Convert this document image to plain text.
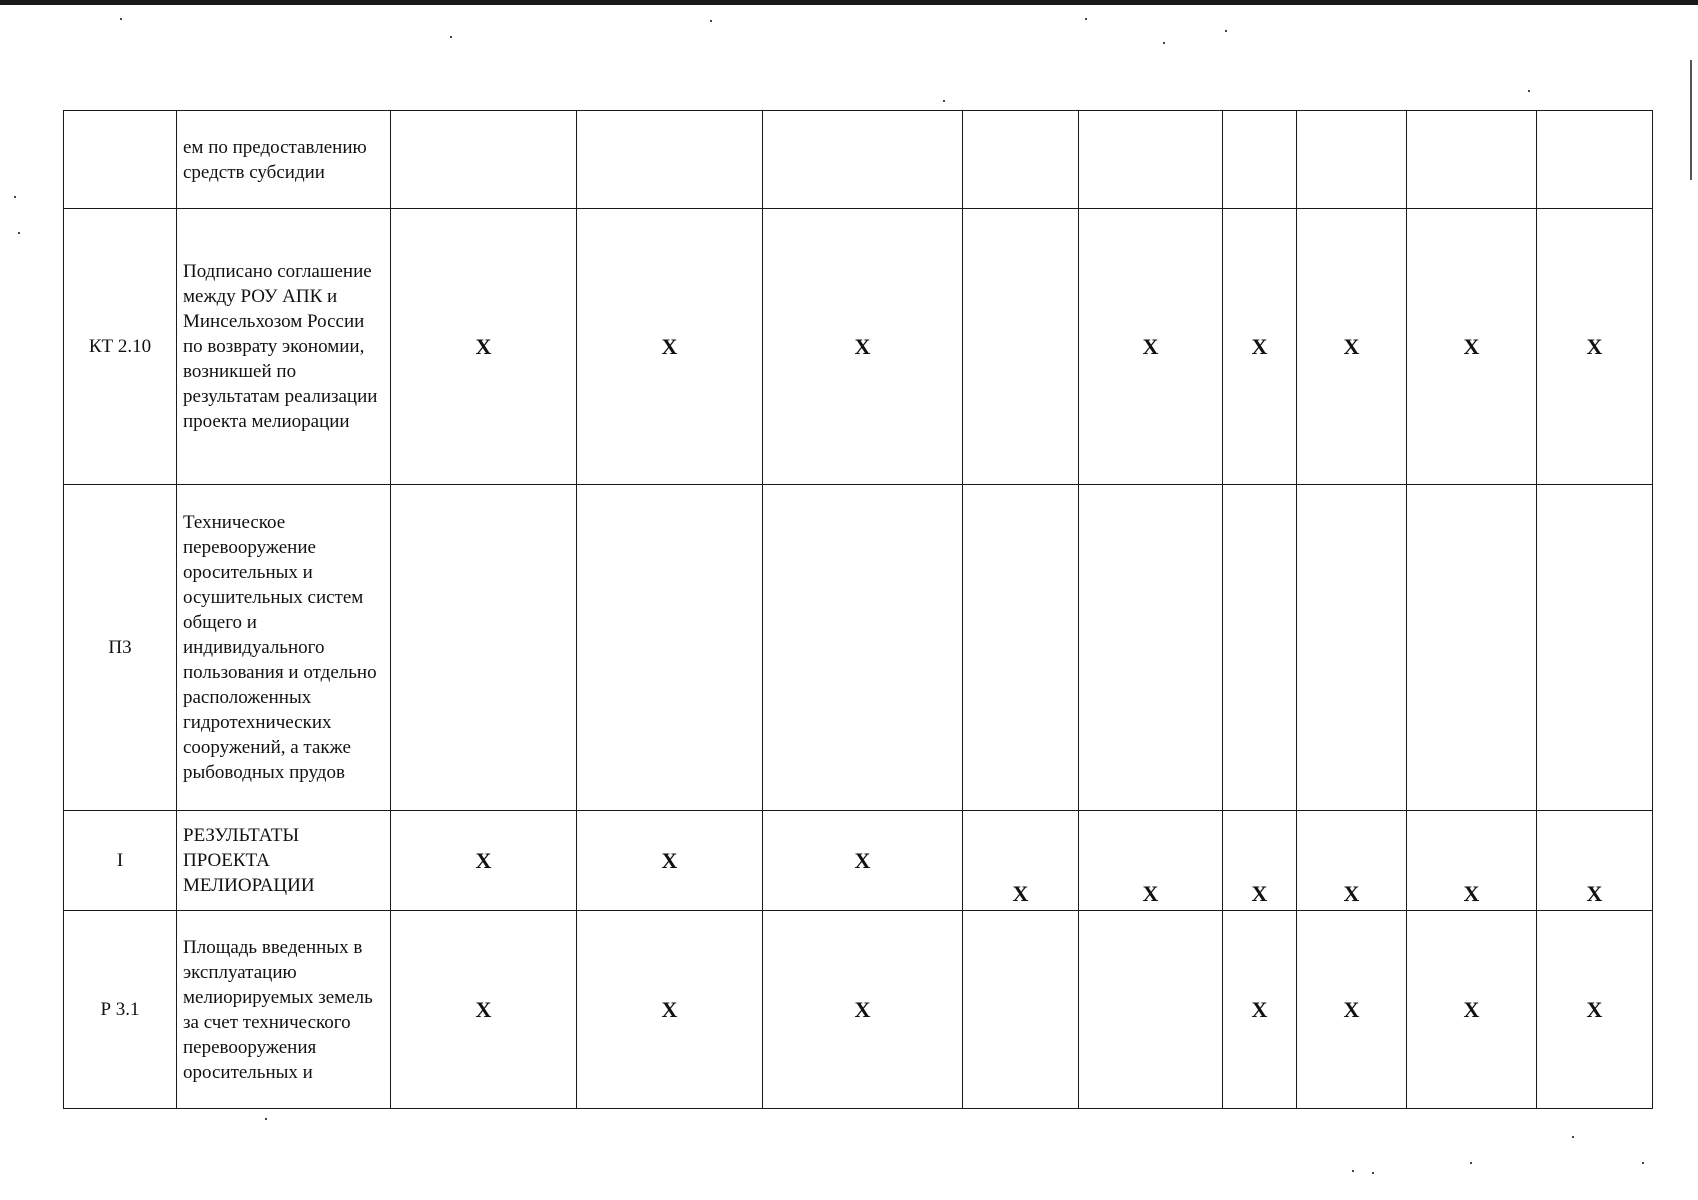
	ем по предоставлению средств субсидии									
КТ 2.10	Подписано соглашение между РОУ АПК и Минсельхозом России по возврату экономии, возникшей по результатам реализации проекта мелиорации	X	X	X		X	X	X	X	X
П3	Техническое перевооружение оросительных и осушительных систем общего и индивидуального пользования и отдельно расположенных гидротехнических сооружений, а также рыбоводных прудов									
I	РЕЗУЛЬТАТЫ ПРОЕКТА МЕЛИОРАЦИИ	X	X	X	X	X	X	X	X	X
Р 3.1	Площадь введенных в эксплуатацию мелиорируемых земель за счет технического перевооружения оросительных и	X	X	X			X	X	X	X
